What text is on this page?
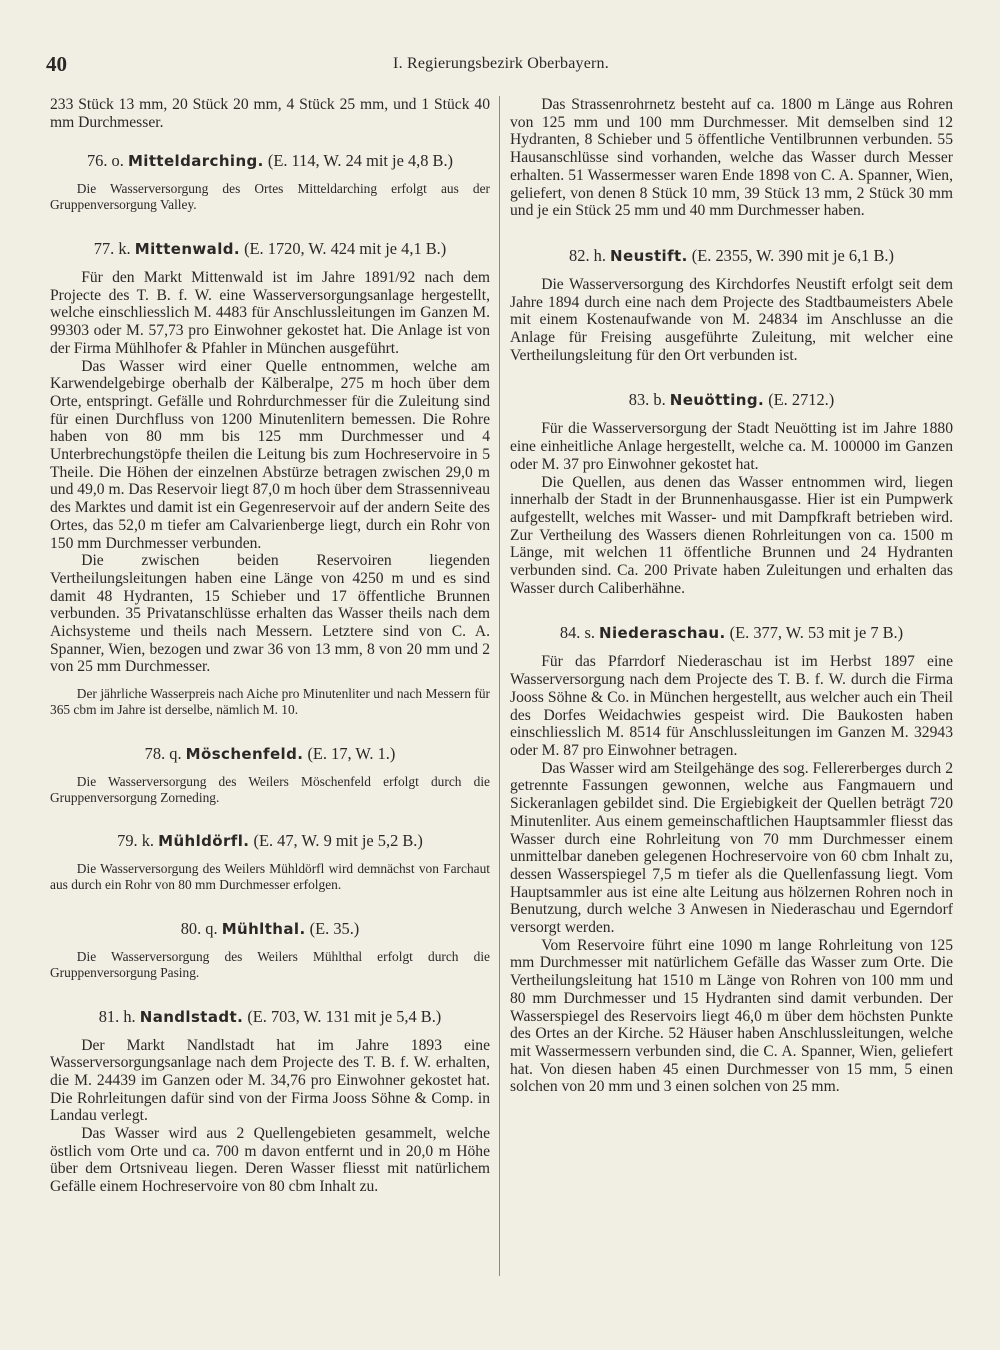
40	I. Regierungsbezirk Oberbayern.

233 Stück 13 mm, 20 Stück 20 mm, 4 Stück 25 mm, und 1 Stück 40 mm Durchmesser.

76. o. Mitteldarching. (E. 114, W. 24 mit je 4,8 B.)

Die Wasserversorgung des Ortes Mitteldarching erfolgt aus der Gruppenversorgung Valley.

77. k. Mittenwald. (E. 1720, W. 424 mit je 4,1 B.)

Für den Markt Mittenwald ist im Jahre 1891/92 nach dem Projecte des T. B. f. W. eine Wasserversorgungsanlage hergestellt, welche einschliesslich M. 4483 für Anschlussleitungen im Ganzen M. 99303 oder M. 57,73 pro Einwohner gekostet hat. Die Anlage ist von der Firma Mühlhofer & Pfahler in München ausgeführt.

Das Wasser wird einer Quelle entnommen, welche am Karwendelgebirge oberhalb der Kälberalpe, 275 m hoch über dem Orte, entspringt. Gefälle und Rohrdurchmesser für die Zuleitung sind für einen Durchfluss von 1200 Minutenlitern bemessen. Die Rohre haben von 80 mm bis 125 mm Durchmesser und 4 Unterbrechungstöpfe theilen die Leitung bis zum Hochreservoire in 5 Theile. Die Höhen der einzelnen Abstürze betragen zwischen 29,0 m und 49,0 m. Das Reservoir liegt 87,0 m hoch über dem Strassenniveau des Marktes und damit ist ein Gegenreservoir auf der andern Seite des Ortes, das 52,0 m tiefer am Calvarienberge liegt, durch ein Rohr von 150 mm Durchmesser verbunden.

Die zwischen beiden Reservoiren liegenden Vertheilungsleitungen haben eine Länge von 4250 m und es sind damit 48 Hydranten, 15 Schieber und 17 öffentliche Brunnen verbunden. 35 Privatanschlüsse erhalten das Wasser theils nach dem Aichsysteme und theils nach Messern. Letztere sind von C. A. Spanner, Wien, bezogen und zwar 36 von 13 mm, 8 von 20 mm und 2 von 25 mm Durchmesser.

Der jährliche Wasserpreis nach Aiche pro Minutenliter und nach Messern für 365 cbm im Jahre ist derselbe, nämlich M. 10.

78. q. Möschenfeld. (E. 17, W. 1.)

Die Wasserversorgung des Weilers Möschenfeld erfolgt durch die Gruppenversorgung Zorneding.

79. k. Mühldörfl. (E. 47, W. 9 mit je 5,2 B.)

Die Wasserversorgung des Weilers Mühldörfl wird demnächst von Farchaut aus durch ein Rohr von 80 mm Durchmesser erfolgen.

80. q. Mühlthal. (E. 35.)

Die Wasserversorgung des Weilers Mühlthal erfolgt durch die Gruppenversorgung Pasing.

81. h. Nandlstadt. (E. 703, W. 131 mit je 5,4 B.)

Der Markt Nandlstadt hat im Jahre 1893 eine Wasserversorgungsanlage nach dem Projecte des T. B. f. W. erhalten, die M. 24439 im Ganzen oder M. 34,76 pro Einwohner gekostet hat. Die Rohrleitungen dafür sind von der Firma Jooss Söhne & Comp. in Landau verlegt.

Das Wasser wird aus 2 Quellengebieten gesammelt, welche östlich vom Orte und ca. 700 m davon entfernt und in 20,0 m Höhe über dem Ortsniveau liegen. Deren Wasser fliesst mit natürlichem Gefälle einem Hochreservoire von 80 cbm Inhalt zu.

Das Strassenrohrnetz besteht auf ca. 1800 m Länge aus Rohren von 125 mm und 100 mm Durchmesser. Mit demselben sind 12 Hydranten, 8 Schieber und 5 öffentliche Ventilbrunnen verbunden. 55 Hausanschlüsse sind vorhanden, welche das Wasser durch Messer erhalten. 51 Wassermesser waren Ende 1898 von C. A. Spanner, Wien, geliefert, von denen 8 Stück 10 mm, 39 Stück 13 mm, 2 Stück 30 mm und je ein Stück 25 mm und 40 mm Durchmesser haben.

82. h. Neustift. (E. 2355, W. 390 mit je 6,1 B.)

Die Wasserversorgung des Kirchdorfes Neustift erfolgt seit dem Jahre 1894 durch eine nach dem Projecte des Stadtbaumeisters Abele mit einem Kostenaufwande von M. 24834 im Anschlusse an die Anlage für Freising ausgeführte Zuleitung, mit welcher eine Vertheilungsleitung für den Ort verbunden ist.

83. b. Neuötting. (E. 2712.)

Für die Wasserversorgung der Stadt Neuötting ist im Jahre 1880 eine einheitliche Anlage hergestellt, welche ca. M. 100000 im Ganzen oder M. 37 pro Einwohner gekostet hat.

Die Quellen, aus denen das Wasser entnommen wird, liegen innerhalb der Stadt in der Brunnenhausgasse. Hier ist ein Pumpwerk aufgestellt, welches mit Wasser- und mit Dampfkraft betrieben wird. Zur Vertheilung des Wassers dienen Rohrleitungen von ca. 1500 m Länge, mit welchen 11 öffentliche Brunnen und 24 Hydranten verbunden sind. Ca. 200 Private haben Zuleitungen und erhalten das Wasser durch Caliberhähne.

84. s. Niederaschau. (E. 377, W. 53 mit je 7 B.)

Für das Pfarrdorf Niederaschau ist im Herbst 1897 eine Wasserversorgung nach dem Projecte des T. B. f. W. durch die Firma Jooss Söhne & Co. in München hergestellt, aus welcher auch ein Theil des Dorfes Weidachwies gespeist wird. Die Baukosten haben einschliesslich M. 8514 für Anschlussleitungen im Ganzen M. 32943 oder M. 87 pro Einwohner betragen.

Das Wasser wird am Steilgehänge des sog. Fellererberges durch 2 getrennte Fassungen gewonnen, welche aus Fangmauern und Sickeranlagen gebildet sind. Die Ergiebigkeit der Quellen beträgt 720 Minutenliter. Aus einem gemeinschaftlichen Hauptsammler fliesst das Wasser durch eine Rohrleitung von 70 mm Durchmesser einem unmittelbar daneben gelegenen Hochreservoire von 60 cbm Inhalt zu, dessen Wasserspiegel 7,5 m tiefer als die Quellenfassung liegt. Vom Hauptsammler aus ist eine alte Leitung aus hölzernen Rohren noch in Benutzung, durch welche 3 Anwesen in Niederaschau und Egerndorf versorgt werden.

Vom Reservoire führt eine 1090 m lange Rohrleitung von 125 mm Durchmesser mit natürlichem Gefälle das Wasser zum Orte. Die Vertheilungsleitung hat 1510 m Länge von Rohren von 100 mm und 80 mm Durchmesser und 15 Hydranten sind damit verbunden. Der Wasserspiegel des Reservoirs liegt 46,0 m über dem höchsten Punkte des Ortes an der Kirche. 52 Häuser haben Anschlussleitungen, welche mit Wassermessern verbunden sind, die C. A. Spanner, Wien, geliefert hat. Von diesen haben 45 einen Durchmesser von 15 mm, 5 einen solchen von 20 mm und 3 einen solchen von 25 mm.
